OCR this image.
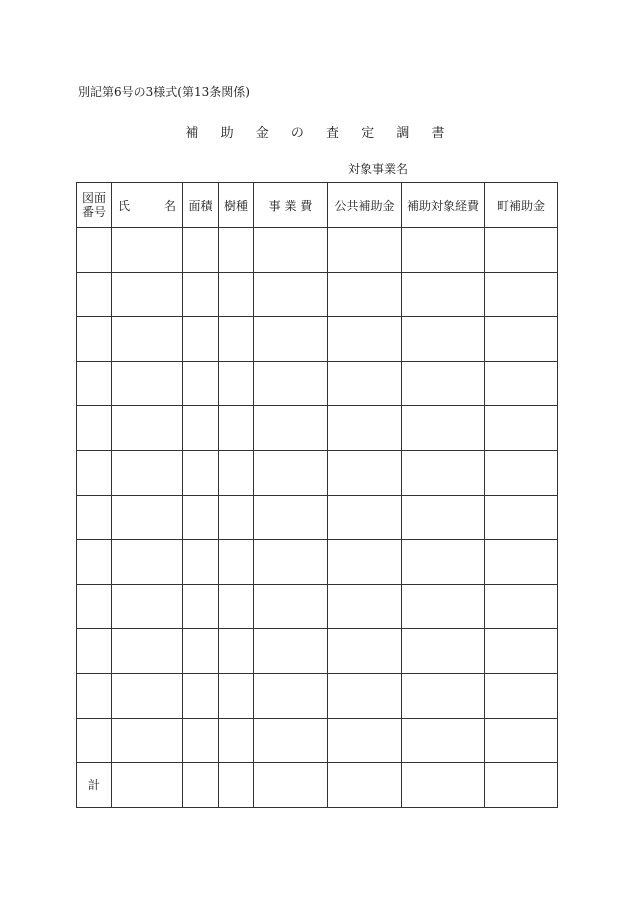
別記第6号の3様式(第13条関係)
補 助 金 の 査 定 調 書
対象事業名
図面
番号	氏 名	面積	樹種	事 業 費	公共補助金	補助対象経費	町補助金

計							
